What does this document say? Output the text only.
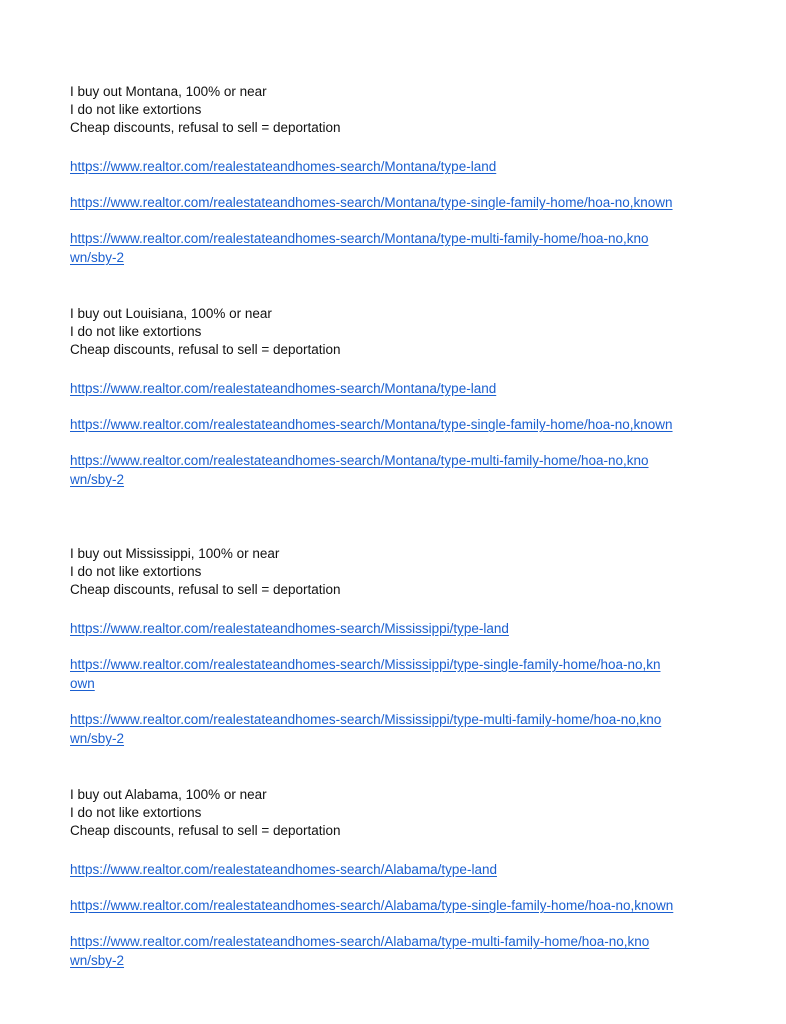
I buy out Montana, 100% or near
I do not like extortions
Cheap discounts, refusal to sell = deportation
https://www.realtor.com/realestateandhomes-search/Montana/type-land
https://www.realtor.com/realestateandhomes-search/Montana/type-single-family-home/hoa-no,known
https://www.realtor.com/realestateandhomes-search/Montana/type-multi-family-home/hoa-no,known/sby-2
I buy out Louisiana, 100% or near
I do not like extortions
Cheap discounts, refusal to sell = deportation
https://www.realtor.com/realestateandhomes-search/Montana/type-land
https://www.realtor.com/realestateandhomes-search/Montana/type-single-family-home/hoa-no,known
https://www.realtor.com/realestateandhomes-search/Montana/type-multi-family-home/hoa-no,known/sby-2
I buy out Mississippi, 100% or near
I do not like extortions
Cheap discounts, refusal to sell = deportation
https://www.realtor.com/realestateandhomes-search/Mississippi/type-land
https://www.realtor.com/realestateandhomes-search/Mississippi/type-single-family-home/hoa-no,known
https://www.realtor.com/realestateandhomes-search/Mississippi/type-multi-family-home/hoa-no,known/sby-2
I buy out Alabama, 100% or near
I do not like extortions
Cheap discounts, refusal to sell = deportation
https://www.realtor.com/realestateandhomes-search/Alabama/type-land
https://www.realtor.com/realestateandhomes-search/Alabama/type-single-family-home/hoa-no,known
https://www.realtor.com/realestateandhomes-search/Alabama/type-multi-family-home/hoa-no,known/sby-2
